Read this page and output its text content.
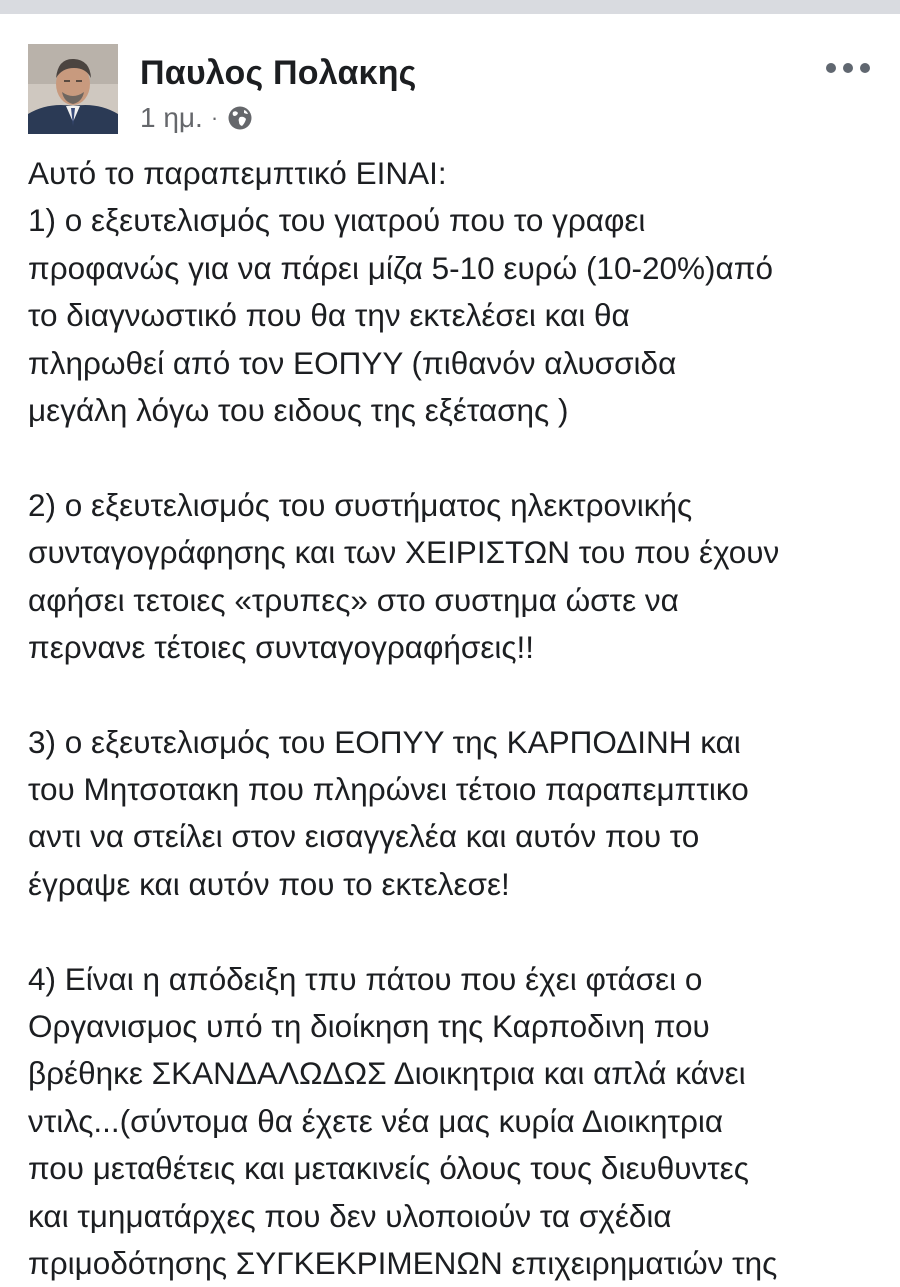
Παυλος Πολακης
1 ημ. ·
Αυτό το παραπεμπτικό ΕΙΝΑΙ:
1) ο εξευτελισμός του γιατρού που το γραφει
προφανώς για να πάρει μίζα 5-10 ευρώ (10-20%)από
το διαγνωστικό που θα την εκτελέσει και θα
πληρωθεί από τον ΕΟΠΥΥ (πιθανόν αλυσσιδα
μεγάλη λόγω του ειδους της εξέτασης )
2) ο εξευτελισμός του συστήματος ηλεκτρονικής
συνταγογράφησης και των ΧΕΙΡΙΣΤΩΝ του που έχουν
αφήσει τετοιες «τρυπες» στο συστημα ώστε να
περνανε τέτοιες συνταγογραφήσεις!!
3) ο εξευτελισμός του ΕΟΠΥΥ της ΚΑΡΠΟΔΙΝΗ και
του Μητσοτακη που πληρώνει τέτοιο παραπεμπτικο
αντι να στείλει στον εισαγγελέα και αυτόν που το
έγραψε και αυτόν που το εκτελεσε!
4) Είναι η απόδειξη τπυ πάτου που έχει φτάσει ο
Οργανισμος υπό τη διοίκηση της Καρποδινη που
βρέθηκε ΣΚΑΝΔΑΛΩΔΩΣ Διοικητρια και απλά κάνει
ντιλς...(σύντομα θα έχετε νέα μας κυρία Διοικητρια
που μεταθέτεις και μετακινείς όλους τους διευθυντες
και τμηματάρχες που δεν υλοποιούν τα σχέδια
πριμοδότησης ΣΥΓΚΕΚΡΙΜΕΝΩΝ επιχειρηματιών της
